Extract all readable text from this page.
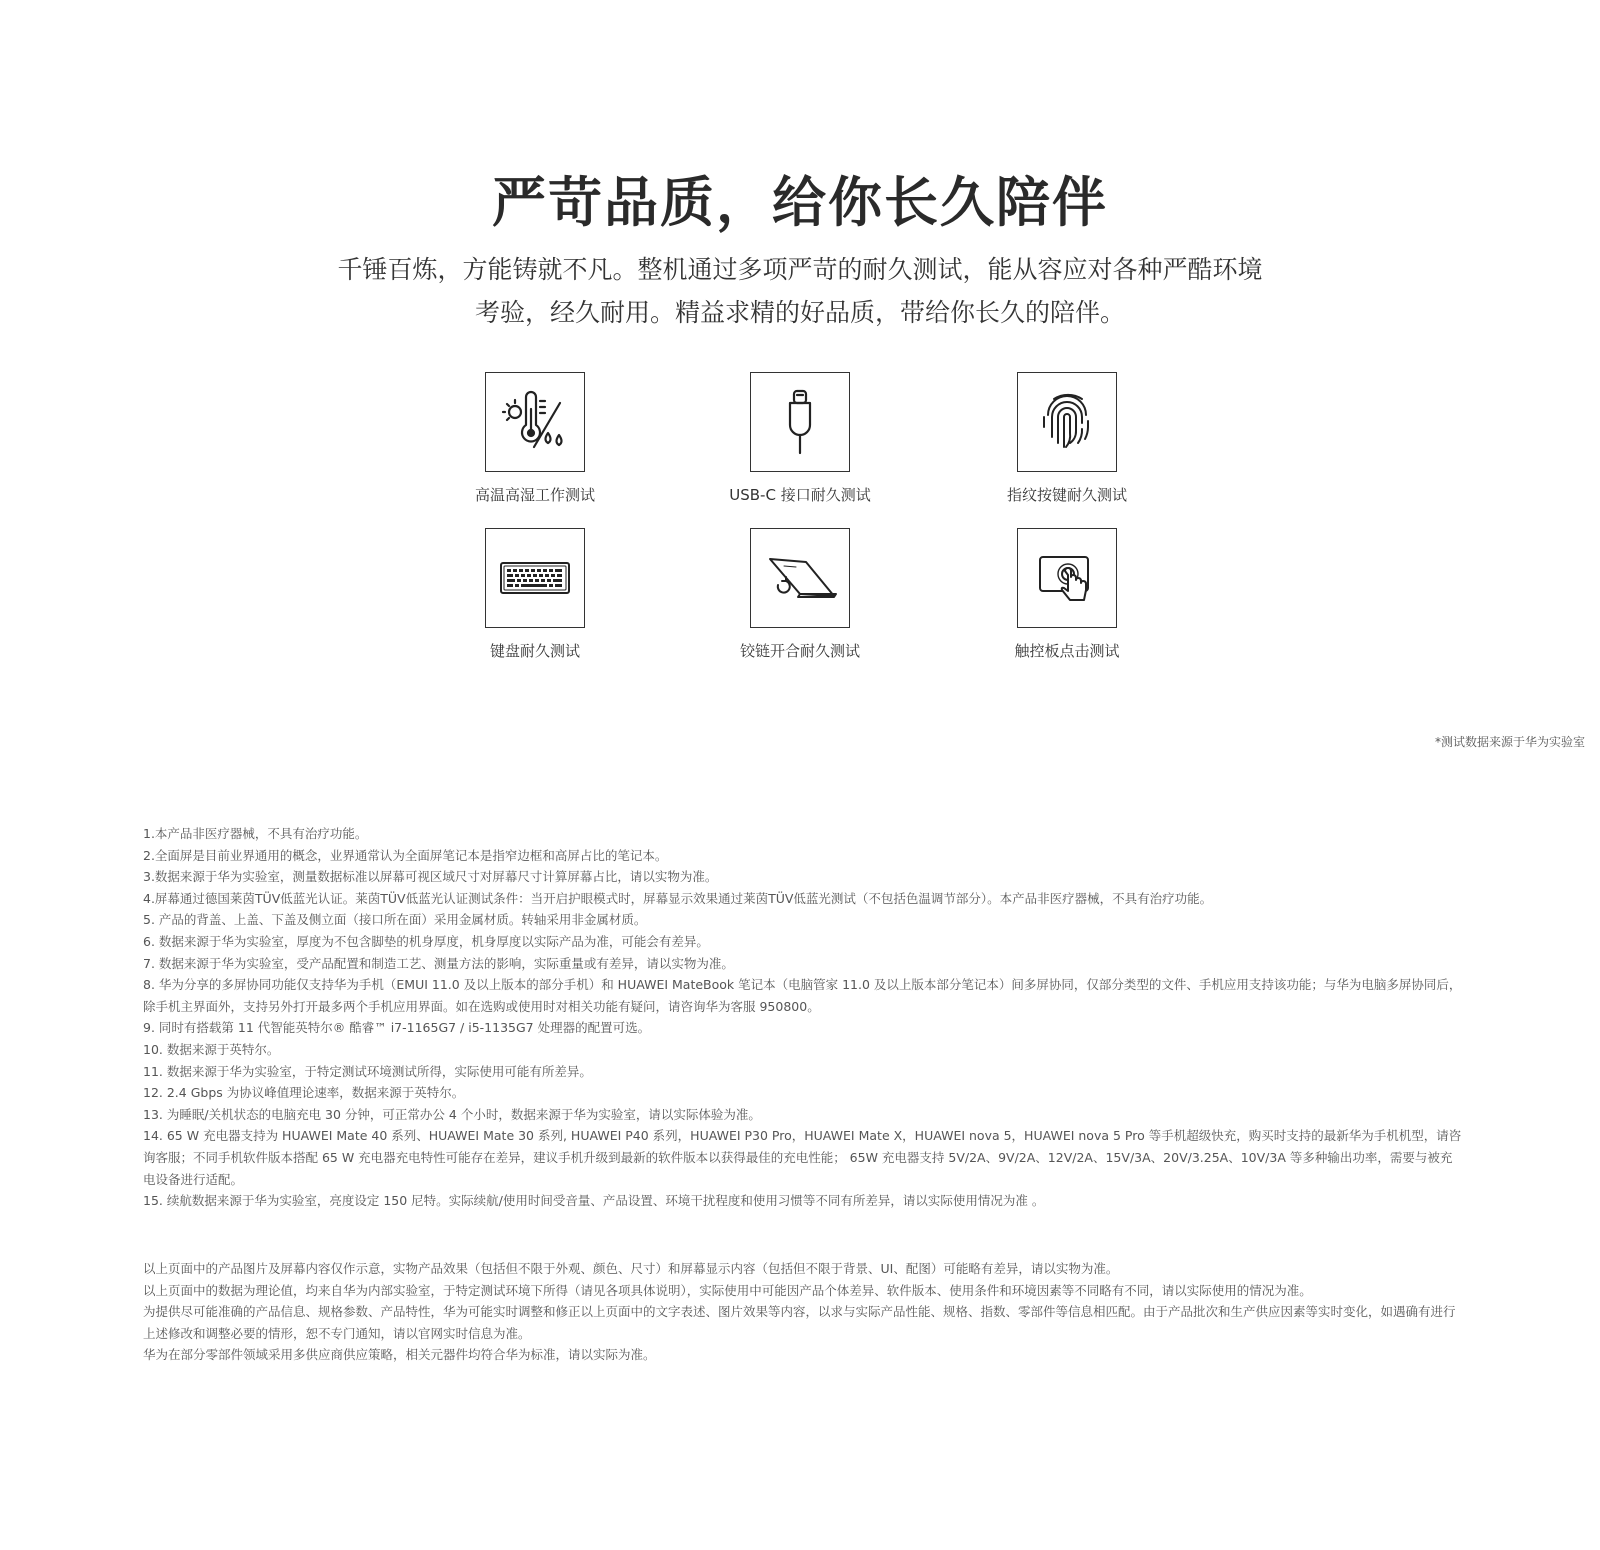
严苛品质，给你长久陪伴
千锤百炼，方能铸就不凡。整机通过多项严苛的耐久测试，能从容应对各种严酷环境
考验，经久耐用。精益求精的好品质，带给你长久的陪伴。
高温高湿工作测试	USB-C 接口耐久测试	指纹按键耐久测试
键盘耐久测试	铰链开合耐久测试	触控板点击测试
*测试数据来源于华为实验室

1.本产品非医疗器械，不具有治疗功能。

2.全面屏是目前业界通用的概念，业界通常认为全面屏笔记本是指窄边框和高屏占比的笔记本。

3.数据来源于华为实验室，测量数据标准以屏幕可视区域尺寸对屏幕尺寸计算屏幕占比，请以实物为准。

4.屏幕通过德国莱茵TÜV低蓝光认证。莱茵TÜV低蓝光认证测试条件：当开启护眼模式时，屏幕显示效果通过莱茵TÜV低蓝光测试（不包括色温调节部分）。本产品非医疗器械，不具有治疗功能。

5. 产品的背盖、上盖、下盖及侧立面（接口所在面）采用金属材质。转轴采用非金属材质。

6. 数据来源于华为实验室，厚度为不包含脚垫的机身厚度，机身厚度以实际产品为准，可能会有差异。

7. 数据来源于华为实验室，受产品配置和制造工艺、测量方法的影响，实际重量或有差异，请以实物为准。

8. 华为分享的多屏协同功能仅支持华为手机（EMUI 11.0 及以上版本的部分手机）和 HUAWEI MateBook 笔记本（电脑管家 11.0 及以上版本部分笔记本）间多屏协同，仅部分类型的文件、手机应用支持该功能；与华为电脑多屏协同后，除手机主界面外，支持另外打开最多两个手机应用界面。如在选购或使用时对相关功能有疑问，请咨询华为客服 950800。

9. 同时有搭载第 11 代智能英特尔® 酷睿™ i7-1165G7 / i5-1135G7 处理器的配置可选。

10. 数据来源于英特尔。

11. 数据来源于华为实验室，于特定测试环境测试所得，实际使用可能有所差异。

12. 2.4 Gbps 为协议峰值理论速率，数据来源于英特尔。

13. 为睡眠/关机状态的电脑充电 30 分钟，可正常办公 4 个小时，数据来源于华为实验室，请以实际体验为准。

14. 65 W 充电器支持为 HUAWEI Mate 40 系列、HUAWEI Mate 30 系列, HUAWEI P40 系列，HUAWEI P30 Pro，HUAWEI Mate X，HUAWEI nova 5，HUAWEI nova 5 Pro 等手机超级快充，购买时支持的最新华为手机机型，请咨询客服；不同手机软件版本搭配 65 W 充电器充电特性可能存在差异，建议手机升级到最新的软件版本以获得最佳的充电性能； 65W 充电器支持 5V/2A、9V/2A、12V/2A、15V/3A、20V/3.25A、10V/3A 等多种输出功率，需要与被充电设备进行适配。

15. 续航数据来源于华为实验室，亮度设定 150 尼特。实际续航/使用时间受音量、产品设置、环境干扰程度和使用习惯等不同有所差异，请以实际使用情况为准 。

以上页面中的产品图片及屏幕内容仅作示意，实物产品效果（包括但不限于外观、颜色、尺寸）和屏幕显示内容（包括但不限于背景、UI、配图）可能略有差异，请以实物为准。

以上页面中的数据为理论值，均来自华为内部实验室，于特定测试环境下所得（请见各项具体说明），实际使用中可能因产品个体差异、软件版本、使用条件和环境因素等不同略有不同，请以实际使用的情况为准。

为提供尽可能准确的产品信息、规格参数、产品特性，华为可能实时调整和修正以上页面中的文字表述、图片效果等内容，以求与实际产品性能、规格、指数、零部件等信息相匹配。由于产品批次和生产供应因素等实时变化，如遇确有进行上述修改和调整必要的情形，恕不专门通知，请以官网实时信息为准。

华为在部分零部件领域采用多供应商供应策略，相关元器件均符合华为标准，请以实际为准。
